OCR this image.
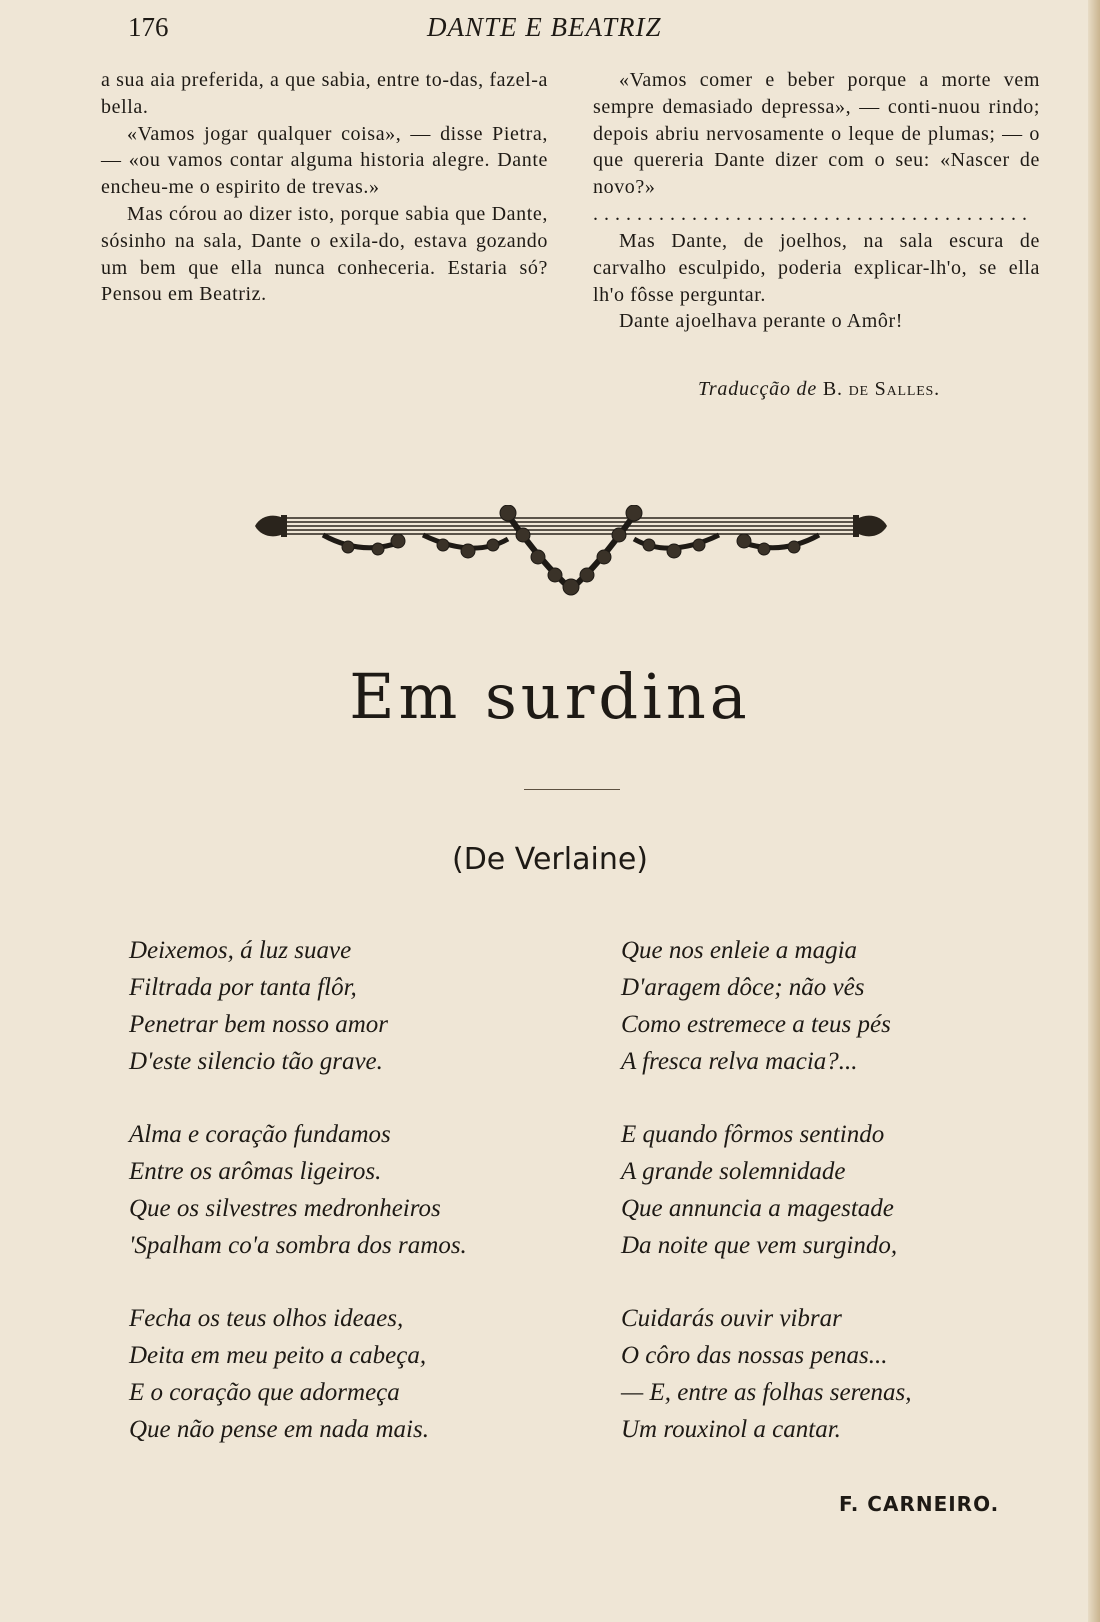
176	DANTE E BEATRIZ

a sua aia preferida, a que sabia, entre to-das, fazel-a bella.

«Vamos jogar qualquer coisa», — disse Pietra, — «ou vamos contar alguma historia alegre. Dante encheu-me o espirito de trevas.»

Mas córou ao dizer isto, porque sabia que Dante, sósinho na sala, Dante o exila-do, estava gozando um bem que ella nunca conheceria. Estaria só? Pensou em Beatriz.

«Vamos comer e beber porque a morte vem sempre demasiado depressa», — conti-nuou rindo; depois abriu nervosamente o leque de plumas; — o que quereria Dante dizer com o seu: «Nascer de novo?»

........................................

Mas Dante, de joelhos, na sala escura de carvalho esculpido, poderia explicar-lh'o, se ella lh'o fôsse perguntar.

Dante ajoelhava perante o Amôr!

Traducção de B. de Salles.
Em surdina
(De Verlaine)
Deixemos, á luz suave
Filtrada por tanta flôr,
Penetrar bem nosso amor
D'este silencio tão grave.
Alma e coração fundamos
Entre os arômas ligeiros.
Que os silvestres medronheiros
'Spalham co'a sombra dos ramos.
Fecha os teus olhos ideaes,
Deita em meu peito a cabeça,
E o coração que adormeça
Que não pense em nada mais.
Que nos enleie a magia
D'aragem dôce; não vês
Como estremece a teus pés
A fresca relva macia?...
E quando fôrmos sentindo
A grande solemnidade
Que annuncia a magestade
Da noite que vem surgindo,
Cuidarás ouvir vibrar
O côro das nossas penas...
— E, entre as folhas serenas,
Um rouxinol a cantar.
F. CARNEIRO.
